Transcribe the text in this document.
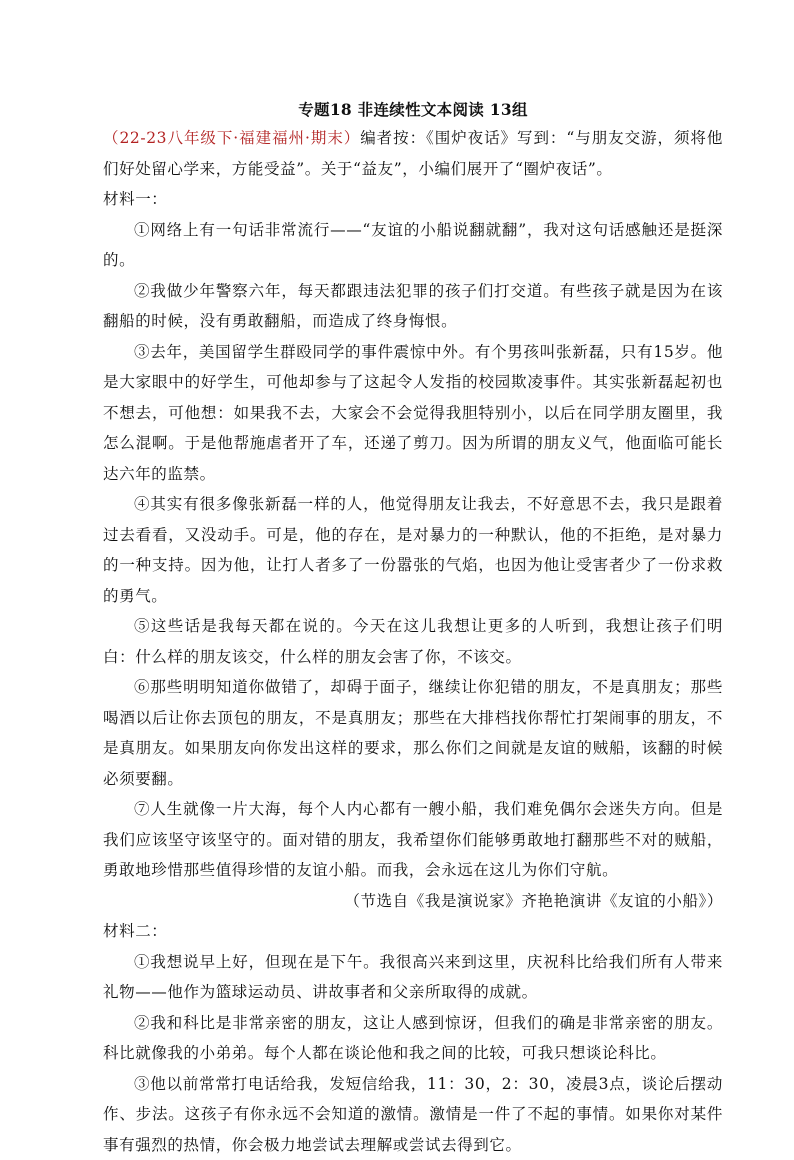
专题18 非连续性文本阅读 13组

（22-23八年级下·福建福州·期末）编者按：《围炉夜话》写到：“与朋友交游，须将他们好处留心学来，方能受益”。关于“益友”，小编们展开了“圈炉夜话”。

材料一：

①网络上有一句话非常流行——“友谊的小船说翻就翻”，我对这句话感触还是挺深的。

②我做少年警察六年，每天都跟违法犯罪的孩子们打交道。有些孩子就是因为在该翻船的时候，没有勇敢翻船，而造成了终身悔恨。

③去年，美国留学生群殴同学的事件震惊中外。有个男孩叫张新磊，只有15岁。他是大家眼中的好学生，可他却参与了这起令人发指的校园欺凌事件。其实张新磊起初也不想去，可他想：如果我不去，大家会不会觉得我胆特别小，以后在同学朋友圈里，我怎么混啊。于是他帮施虐者开了车，还递了剪刀。因为所谓的朋友义气，他面临可能长达六年的监禁。

④其实有很多像张新磊一样的人，他觉得朋友让我去，不好意思不去，我只是跟着过去看看，又没动手。可是，他的存在，是对暴力的一种默认，他的不拒绝，是对暴力的一种支持。因为他，让打人者多了一份嚣张的气焰，也因为他让受害者少了一份求救的勇气。

⑤这些话是我每天都在说的。今天在这儿我想让更多的人听到，我想让孩子们明白：什么样的朋友该交，什么样的朋友会害了你，不该交。

⑥那些明明知道你做错了，却碍于面子，继续让你犯错的朋友，不是真朋友；那些喝酒以后让你去顶包的朋友，不是真朋友；那些在大排档找你帮忙打架闹事的朋友，不是真朋友。如果朋友向你发出这样的要求，那么你们之间就是友谊的贼船，该翻的时候必须要翻。

⑦人生就像一片大海，每个人内心都有一艘小船，我们难免偶尔会迷失方向。但是我们应该坚守该坚守的。面对错的朋友，我希望你们能够勇敢地打翻那些不对的贼船，勇敢地珍惜那些值得珍惜的友谊小船。而我，会永远在这儿为你们守航。

（节选自《我是演说家》齐艳艳演讲《友谊的小船》）

材料二：

①我想说早上好，但现在是下午。我很高兴来到这里，庆祝科比给我们所有人带来礼物——他作为篮球运动员、讲故事者和父亲所取得的成就。

②我和科比是非常亲密的朋友，这让人感到惊讶，但我们的确是非常亲密的朋友。科比就像我的小弟弟。每个人都在谈论他和我之间的比较，可我只想谈论科比。

③他以前常常打电话给我，发短信给我，11：30，2：30，凌晨3点，谈论后摆动作、步法。这孩子有你永远不会知道的激情。激情是一件了不起的事情。如果你对某件事有强烈的热情，你会极力地尝试去理解或尝试去得到它。
